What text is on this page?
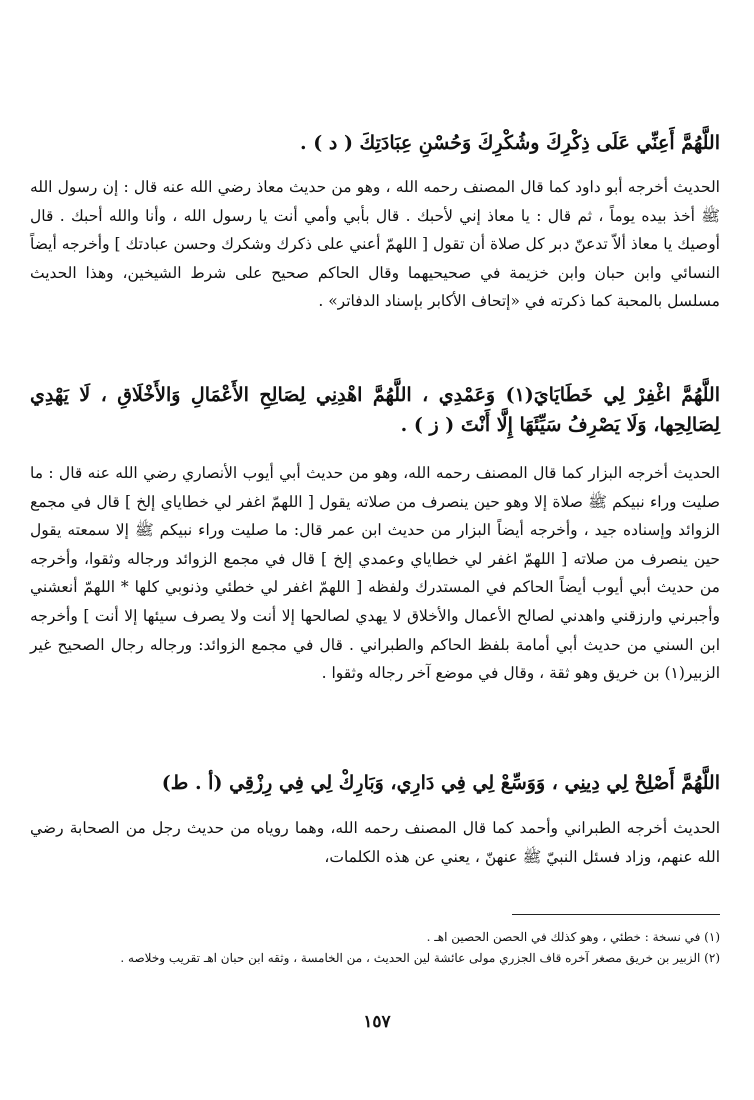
اللَّهُمَّ أَعِنِّي عَلَى ذِكْرِكَ وشُكْرِكَ وَحُسْنِ عِبَادَتِكَ ( د ) .
الحديث أخرجه أبو داود كما قال المصنف رحمه الله ، وهو من حديث معاذ رضي الله عنه قال : إن رسول الله ﷺ أخذ بيده يوماً ، ثم قال : يا معاذ إني لأحبك . قال بأبي وأمي أنت يا رسول الله ، وأنا والله أحبك . قال أوصيك يا معاذ ألاّ تدعنّ دبر كل صلاة أن تقول [ اللهمّ أعني على ذكرك وشكرك وحسن عبادتك ] وأخرجه أيضاً النسائي وابن حبان وابن خزيمة في صحيحيهما وقال الحاكم صحيح على شرط الشيخين، وهذا الحديث مسلسل بالمحبة كما ذكرته في «إتحاف الأكابر بإسناد الدفاتر» .
اللَّهُمَّ اغْفِرْ لِي خَطَايَايَ(١) وَعَمْدِي ، اللَّهُمَّ اهْدِنِي لِصَالِحِ الأَعْمَالِ وَالأَخْلَاقِ ، لَا يَهْدِي لِصَالِحِها، وَلَا يَصْرِفُ سَيِّئَهَا إِلَّا أَنْتَ ( ز ) .
الحديث أخرجه البزار كما قال المصنف رحمه الله، وهو من حديث أبي أيوب الأنصاري رضي الله عنه قال : ما صليت وراء نبيكم ﷺ صلاة إلا وهو حين ينصرف من صلاته يقول [ اللهمّ اغفر لي خطاياي إلخ ] قال في مجمع الزوائد وإسناده جيد ، وأخرجه أيضاً البزار من حديث ابن عمر قال: ما صليت وراء نبيكم ﷺ إلا سمعته يقول حين ينصرف من صلاته [ اللهمّ اغفر لي خطاياي وعمدي إلخ ] قال في مجمع الزوائد ورجاله وثقوا، وأخرجه من حديث أبي أيوب أيضاً الحاكم في المستدرك ولفظه [ اللهمّ اغفر لي خطئي وذنوبي كلها * اللهمّ أنعشني وأجبرني وارزقني واهدني لصالح الأعمال والأخلاق لا يهدي لصالحها إلا أنت ولا يصرف سيئها إلا أنت ] وأخرجه ابن السني من حديث أبي أمامة بلفظ الحاكم والطبراني . قال في مجمع الزوائد: ورجاله رجال الصحيح غير الزبير(١) بن خريق وهو ثقة ، وقال في موضع آخر رجاله وثقوا .
اللَّهُمَّ أَصْلِحْ لِي دِينِي ، وَوَسِّعْ لِي فِي دَارِي، وَبَارِكْ لِي فِي رِزْقِي (أ . ط)
الحديث أخرجه الطبراني وأحمد كما قال المصنف رحمه الله، وهما روياه من حديث رجل من الصحابة رضي الله عنهم، وزاد فسئل النبيّ ﷺ عنهنّ ، يعني عن هذه الكلمات،

(١) في نسخة : خطئي ، وهو كذلك في الحصن الحصين اهـ .

(٢) الزبير بن خريق مصغر آخره قاف الجزري مولى عائشة لين الحديث ، من الخامسة ، وثقه ابن حبان اهـ تقريب وخلاصه .

١٥٧
